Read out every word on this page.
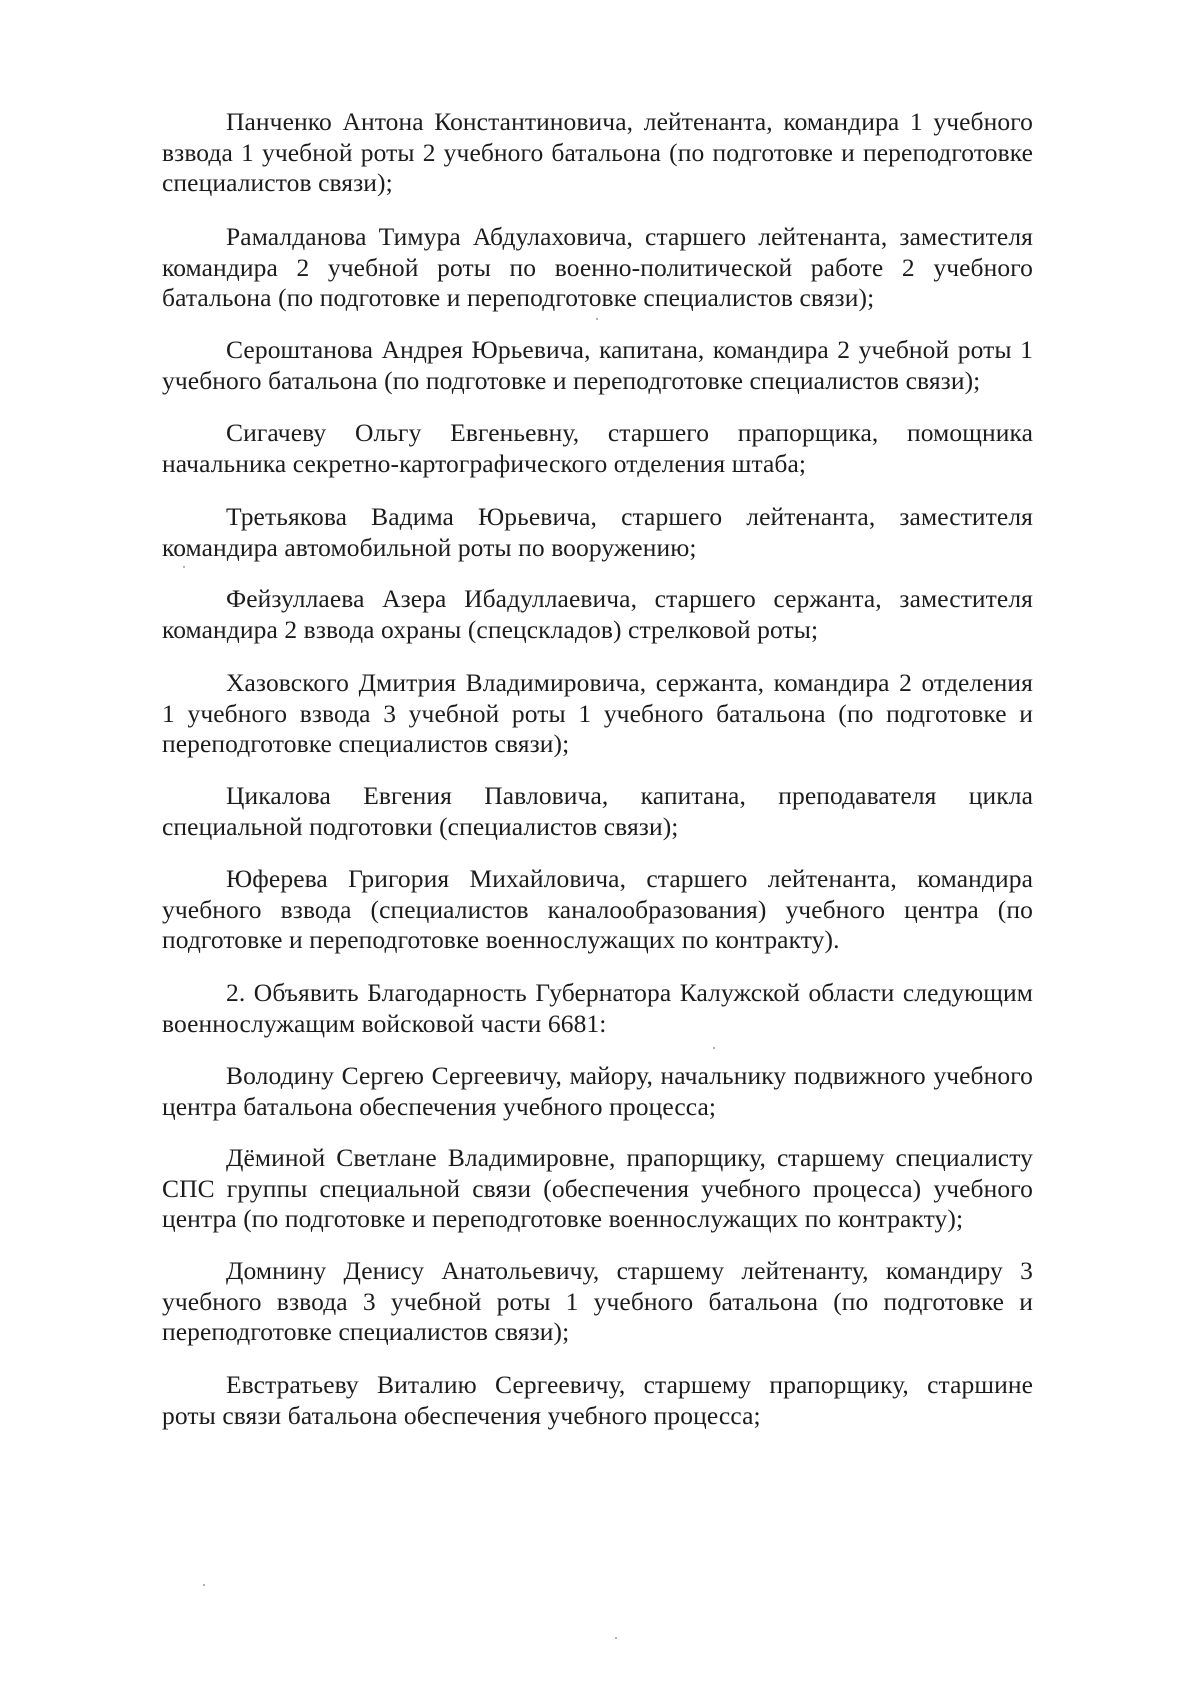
Панченко Антона Константиновича, лейтенанта, командира 1 учебного взвода 1 учебной роты 2 учебного батальона (по подготовке и переподготовке специалистов связи);

Рамалданова Тимура Абдулаховича, старшего лейтенанта, заместителя командира 2 учебной роты по военно-политической работе 2 учебного батальона (по подготовке и переподготовке специалистов связи);

Сероштанова Андрея Юрьевича, капитана, командира 2 учебной роты 1 учебного батальона (по подготовке и переподготовке специалистов связи);

Сигачеву Ольгу Евгеньевну, старшего прапорщика, помощника начальника секретно-картографического отделения штаба;

Третьякова Вадима Юрьевича, старшего лейтенанта, заместителя командира автомобильной роты по вооружению;

Фейзуллаева Азера Ибадуллаевича, старшего сержанта, заместителя командира 2 взвода охраны (спецскладов) стрелковой роты;

Хазовского Дмитрия Владимировича, сержанта, командира 2 отделения 1 учебного взвода 3 учебной роты 1 учебного батальона (по подготовке и переподготовке специалистов связи);

Цикалова Евгения Павловича, капитана, преподавателя цикла специальной подготовки (специалистов связи);

Юферева Григория Михайловича, старшего лейтенанта, командира учебного взвода (специалистов каналообразования) учебного центра (по подготовке и переподготовке военнослужащих по контракту).

2. Объявить Благодарность Губернатора Калужской области следующим военнослужащим войсковой части 6681:

Володину Сергею Сергеевичу, майору, начальнику подвижного учебного центра батальона обеспечения учебного процесса;

Дёминой Светлане Владимировне, прапорщику, старшему специалисту СПС группы специальной связи (обеспечения учебного процесса) учебного центра (по подготовке и переподготовке военнослужащих по контракту);

Домнину Денису Анатольевичу, старшему лейтенанту, командиру 3 учебного взвода 3 учебной роты 1 учебного батальона (по подготовке и переподготовке специалистов связи);

Евстратьеву Виталию Сергеевичу, старшему прапорщику, старшине роты связи батальона обеспечения учебного процесса;
